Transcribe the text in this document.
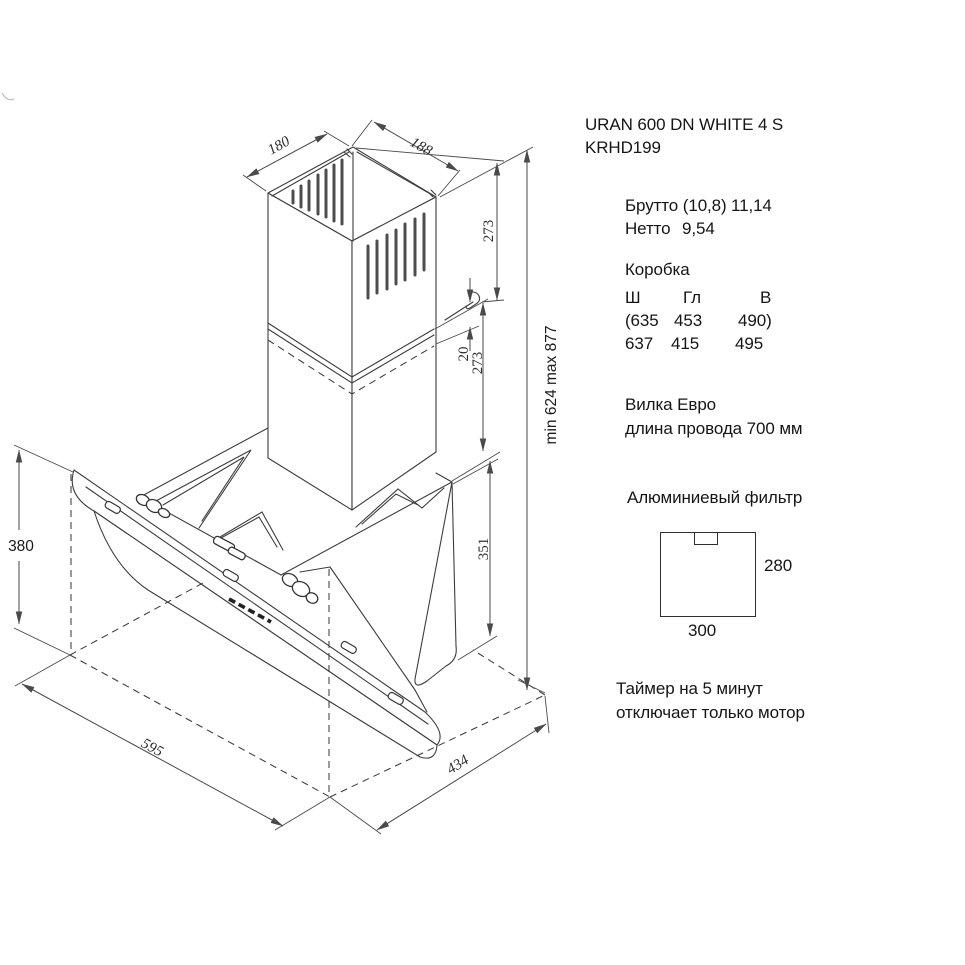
180	188
273
20
273
351
min 624 max 877
380
595
434
URAN 600 DN WHITE 4 S
KRHD199
Брутто (10,8) 11,14
Нетто 9,54
Коробка
Ш	Гл	В
(635 453 490)
637 415 495
Вилка Евро
длина провода 700 мм
Алюминиевый фильтр
280
300
Таймер на 5 минут
отключает только мотор
